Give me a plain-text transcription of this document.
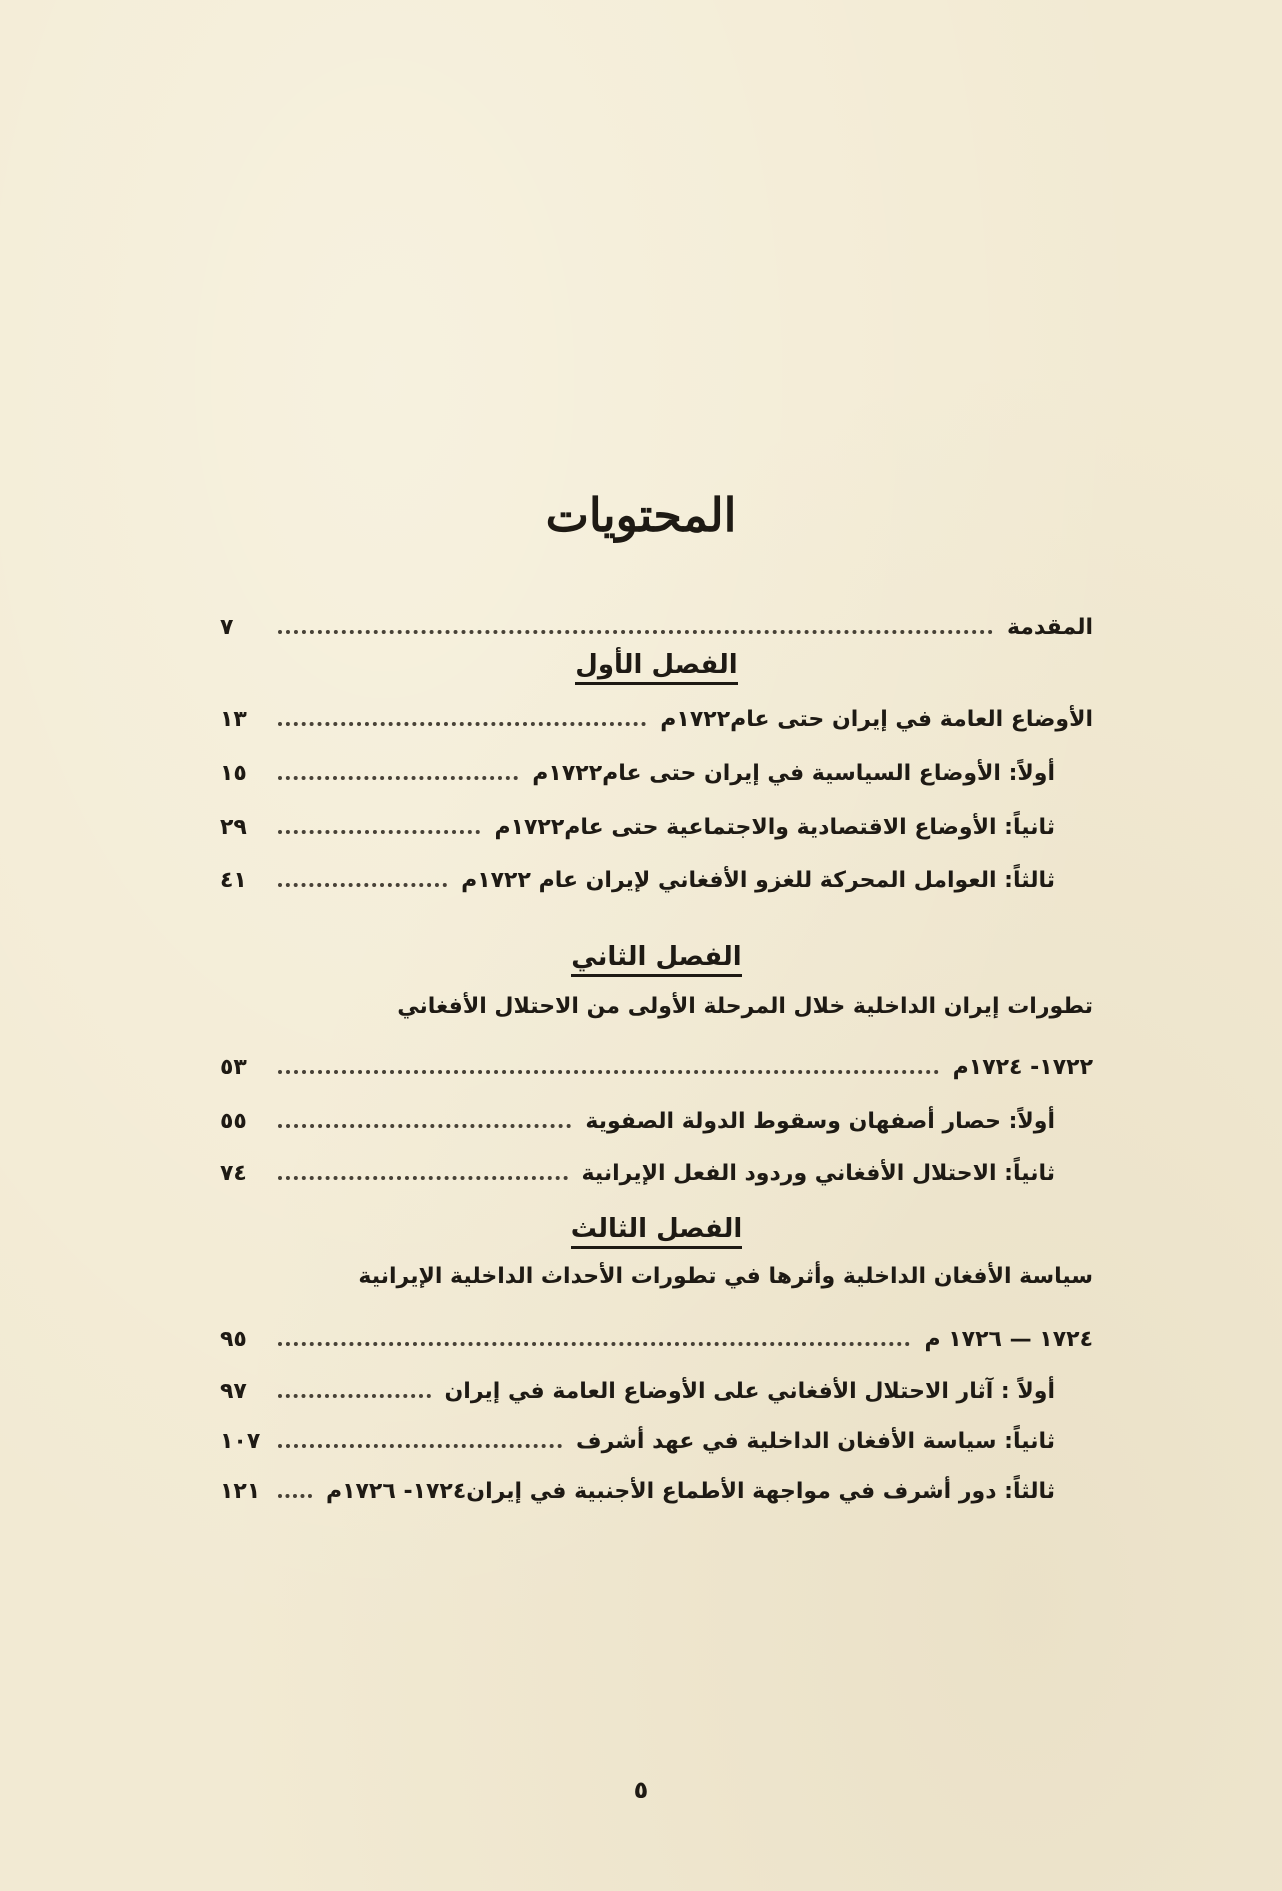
المحتويات
المقدمة
٧
الفصل الأول
الأوضاع العامة في إيران حتى عام١٧٢٢م
١٣
أولاً: الأوضاع السياسية في إيران حتى عام١٧٢٢م
١٥
ثانياً: الأوضاع الاقتصادية والاجتماعية حتى عام١٧٢٢م
٢٩
ثالثاً: العوامل المحركة للغزو الأفغاني لإيران عام ١٧٢٢م
٤١
الفصل الثاني
تطورات إيران الداخلية خلال المرحلة الأولى من الاحتلال الأفغاني
١٧٢٢- ١٧٢٤م
٥٣
أولاً: حصار أصفهان وسقوط الدولة الصفوية
٥٥
ثانياً: الاحتلال الأفغاني وردود الفعل الإيرانية
٧٤
الفصل الثالث
سياسة الأفغان الداخلية وأثرها في تطورات الأحداث الداخلية الإيرانية
١٧٢٤ — ١٧٢٦ م
٩٥
أولاً : آثار الاحتلال الأفغاني على الأوضاع العامة في إيران
٩٧
ثانياً: سياسة الأفغان الداخلية في عهد أشرف
١٠٧
ثالثاً: دور أشرف في مواجهة الأطماع الأجنبية في إيران١٧٢٤- ١٧٢٦م
١٢١
٥
